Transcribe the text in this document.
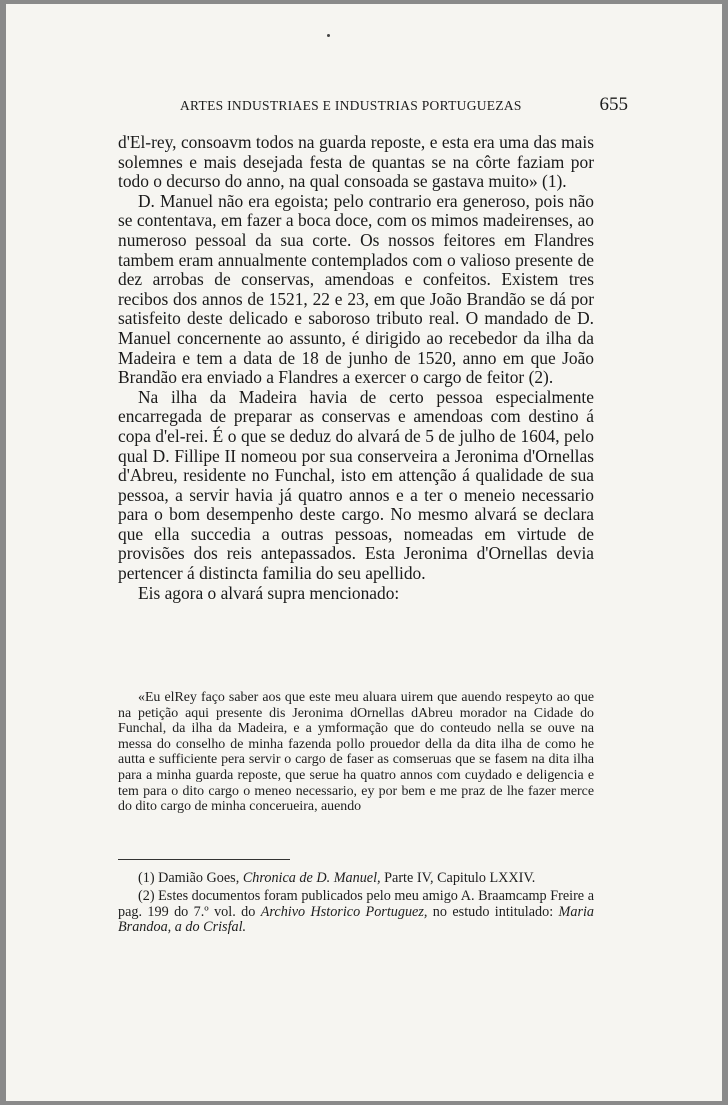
ARTES INDUSTRIAES E INDUSTRIAS PORTUGUEZAS	655

d'El-rey, consoavm todos na guarda reposte, e esta era uma das mais solemnes e mais desejada festa de quantas se na côrte faziam por todo o decurso do anno, na qual consoada se gastava muito» (1).

D. Manuel não era egoista; pelo contrario era generoso, pois não se contentava, em fazer a boca doce, com os mimos madeirenses, ao numeroso pessoal da sua corte. Os nossos feitores em Flandres tambem eram annualmente contemplados com o valioso presente de dez arrobas de conservas, amendoas e confeitos. Existem tres recibos dos annos de 1521, 22 e 23, em que João Brandão se dá por satisfeito deste delicado e saboroso tributo real. O mandado de D. Manuel concernente ao assunto, é dirigido ao recebedor da ilha da Madeira e tem a data de 18 de junho de 1520, anno em que João Brandão era enviado a Flandres a exercer o cargo de feitor (2).

Na ilha da Madeira havia de certo pessoa especialmente encarregada de preparar as conservas e amendoas com destino á copa d'el-rei. É o que se deduz do alvará de 5 de julho de 1604, pelo qual D. Fillipe II nomeou por sua conserveira a Jeronima d'Ornellas d'Abreu, residente no Funchal, isto em attenção á qualidade de sua pessoa, a servir havia já quatro annos e a ter o meneio necessario para o bom desempenho deste cargo. No mesmo alvará se declara que ella succedia a outras pessoas, nomeadas em virtude de provisões dos reis antepassados. Esta Jeronima d'Ornellas devia pertencer á distincta familia do seu apellido.

Eis agora o alvará supra mencionado:

«Eu elRey faço saber aos que este meu aluara uirem que auendo respeyto ao que na petição aqui presente dis Jeronima dOrnellas dAbreu morador na Cidade do Funchal, da ilha da Madeira, e a ymformação que do conteudo nella se ouve na messa do conselho de minha fazenda pollo prouedor della da dita ilha de como he autta e sufficiente pera servir o cargo de faser as comseruas que se fasem na dita ilha para a minha guarda reposte, que serue ha quatro annos com cuydado e deligencia e tem para o dito cargo o meneo necessario, ey por bem e me praz de lhe fazer merce do dito cargo de minha concerueira, auendo

(1) Damião Goes, Chronica de D. Manuel, Parte IV, Capitulo LXXIV.

(2) Estes documentos foram publicados pelo meu amigo A. Braamcamp Freire a pag. 199 do 7.º vol. do Archivo Hstorico Portuguez, no estudo intitulado: Maria Brandoa, a do Crisfal.
